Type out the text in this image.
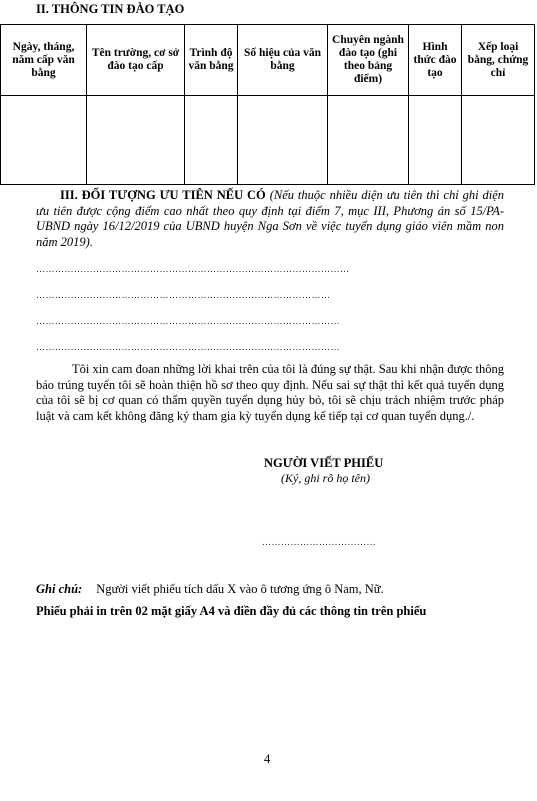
II. THÔNG TIN ĐÀO TẠO
Ngày, tháng, năm cấp văn bằng	Tên trường, cơ sở đào tạo cấp	Trình độ văn bằng	Số hiệu của văn bằng	Chuyên ngành đào tạo (ghi theo bảng điểm)	Hình thức đào tạo	Xếp loại bằng, chứng chỉ

III. ĐỐI TƯỢNG ƯU TIÊN NẾU CÓ (Nếu thuộc nhiều diện ưu tiên thì chỉ ghi diện ưu tiên được cộng điểm cao nhất theo quy định tại điểm 7, mục III, Phương án số 15/PA-UBND ngày 16/12/2019 của UBND huyện Nga Sơn về việc tuyển dụng giáo viên mầm non năm 2019).
………………………………………………………………………………………
…………………………………………………………………………………
……………………………………………………………………………………
……………………………………………………………………………………
Tôi xin cam đoan những lời khai trên của tôi là đúng sự thật. Sau khi nhận được thông báo trúng tuyển tôi sẽ hoàn thiện hồ sơ theo quy định. Nếu sai sự thật thì kết quả tuyển dụng của tôi sẽ bị cơ quan có thẩm quyền tuyển dụng hủy bỏ, tôi sẽ chịu trách nhiệm trước pháp luật và cam kết không đăng ký tham gia kỳ tuyển dụng kế tiếp tại cơ quan tuyển dụng./.
NGƯỜI VIẾT PHIẾU
(Ký, ghi rõ họ tên)
………………………………
Ghi chú: Người viết phiếu tích dấu X vào ô tương ứng ô Nam, Nữ.
Phiếu phải in trên 02 mặt giấy A4 và điền đầy đủ các thông tin trên phiếu
4
